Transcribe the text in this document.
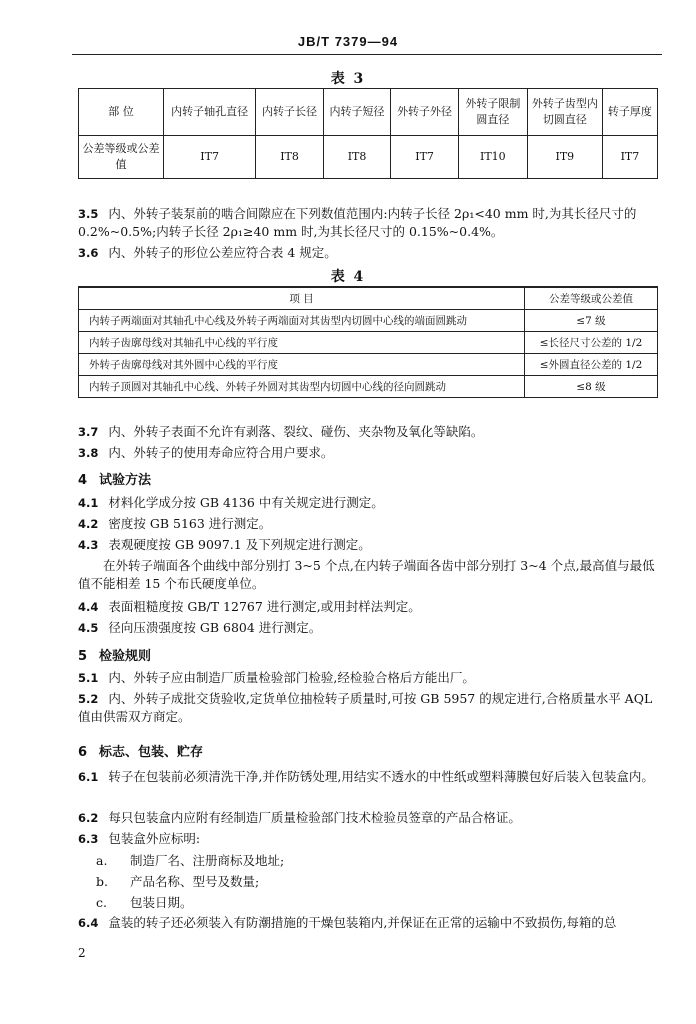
JB/T 7379—94
表 3
部 位	内转子轴孔直径	内转子长径	内转子短径	外转子外径	外转子限制圆直径	外转子齿型内切圆直径	转子厚度
公差等级或公差值	IT7	IT8	IT8	IT7	IT10	IT9	IT7
3.5 内、外转子装泵前的啮合间隙应在下列数值范围内:内转子长径 2ρ₁<40 mm 时,为其长径尺寸的 0.2%~0.5%;内转子长径 2ρ₁≥40 mm 时,为其长径尺寸的 0.15%~0.4%。
3.6 内、外转子的形位公差应符合表 4 规定。
表 4
项 目	公差等级或公差值
内转子两端面对其轴孔中心线及外转子两端面对其齿型内切圆中心线的端面圆跳动	≤7 级
内转子齿廓母线对其轴孔中心线的平行度	≤长径尺寸公差的 1/2
外转子齿廓母线对其外圆中心线的平行度	≤外圆直径公差的 1/2
内转子顶圆对其轴孔中心线、外转子外圆对其齿型内切圆中心线的径向圆跳动	≤8 级
3.7 内、外转子表面不允许有剥落、裂纹、碰伤、夹杂物及氧化等缺陷。
3.8 内、外转子的使用寿命应符合用户要求。
4 试验方法
4.1 材料化学成分按 GB 4136 中有关规定进行测定。
4.2 密度按 GB 5163 进行测定。
4.3 表观硬度按 GB 9097.1 及下列规定进行测定。
在外转子端面各个曲线中部分别打 3~5 个点,在内转子端面各齿中部分别打 3~4 个点,最高值与最低值不能相差 15 个布氏硬度单位。
4.4 表面粗糙度按 GB/T 12767 进行测定,或用封样法判定。
4.5 径向压溃强度按 GB 6804 进行测定。
5 检验规则
5.1 内、外转子应由制造厂质量检验部门检验,经检验合格后方能出厂。
5.2 内、外转子成批交货验收,定货单位抽检转子质量时,可按 GB 5957 的规定进行,合格质量水平 AQL 值由供需双方商定。
6 标志、包装、贮存
6.1 转子在包装前必须清洗干净,并作防锈处理,用结实不透水的中性纸或塑料薄膜包好后装入包装盒内。
6.2 每只包装盒内应附有经制造厂质量检验部门技术检验员签章的产品合格证。
6.3 包装盒外应标明:
a. 制造厂名、注册商标及地址;
b. 产品名称、型号及数量;
c. 包装日期。
6.4 盒装的转子还必须装入有防潮措施的干燥包装箱内,并保证在正常的运输中不致损伤,每箱的总
2
